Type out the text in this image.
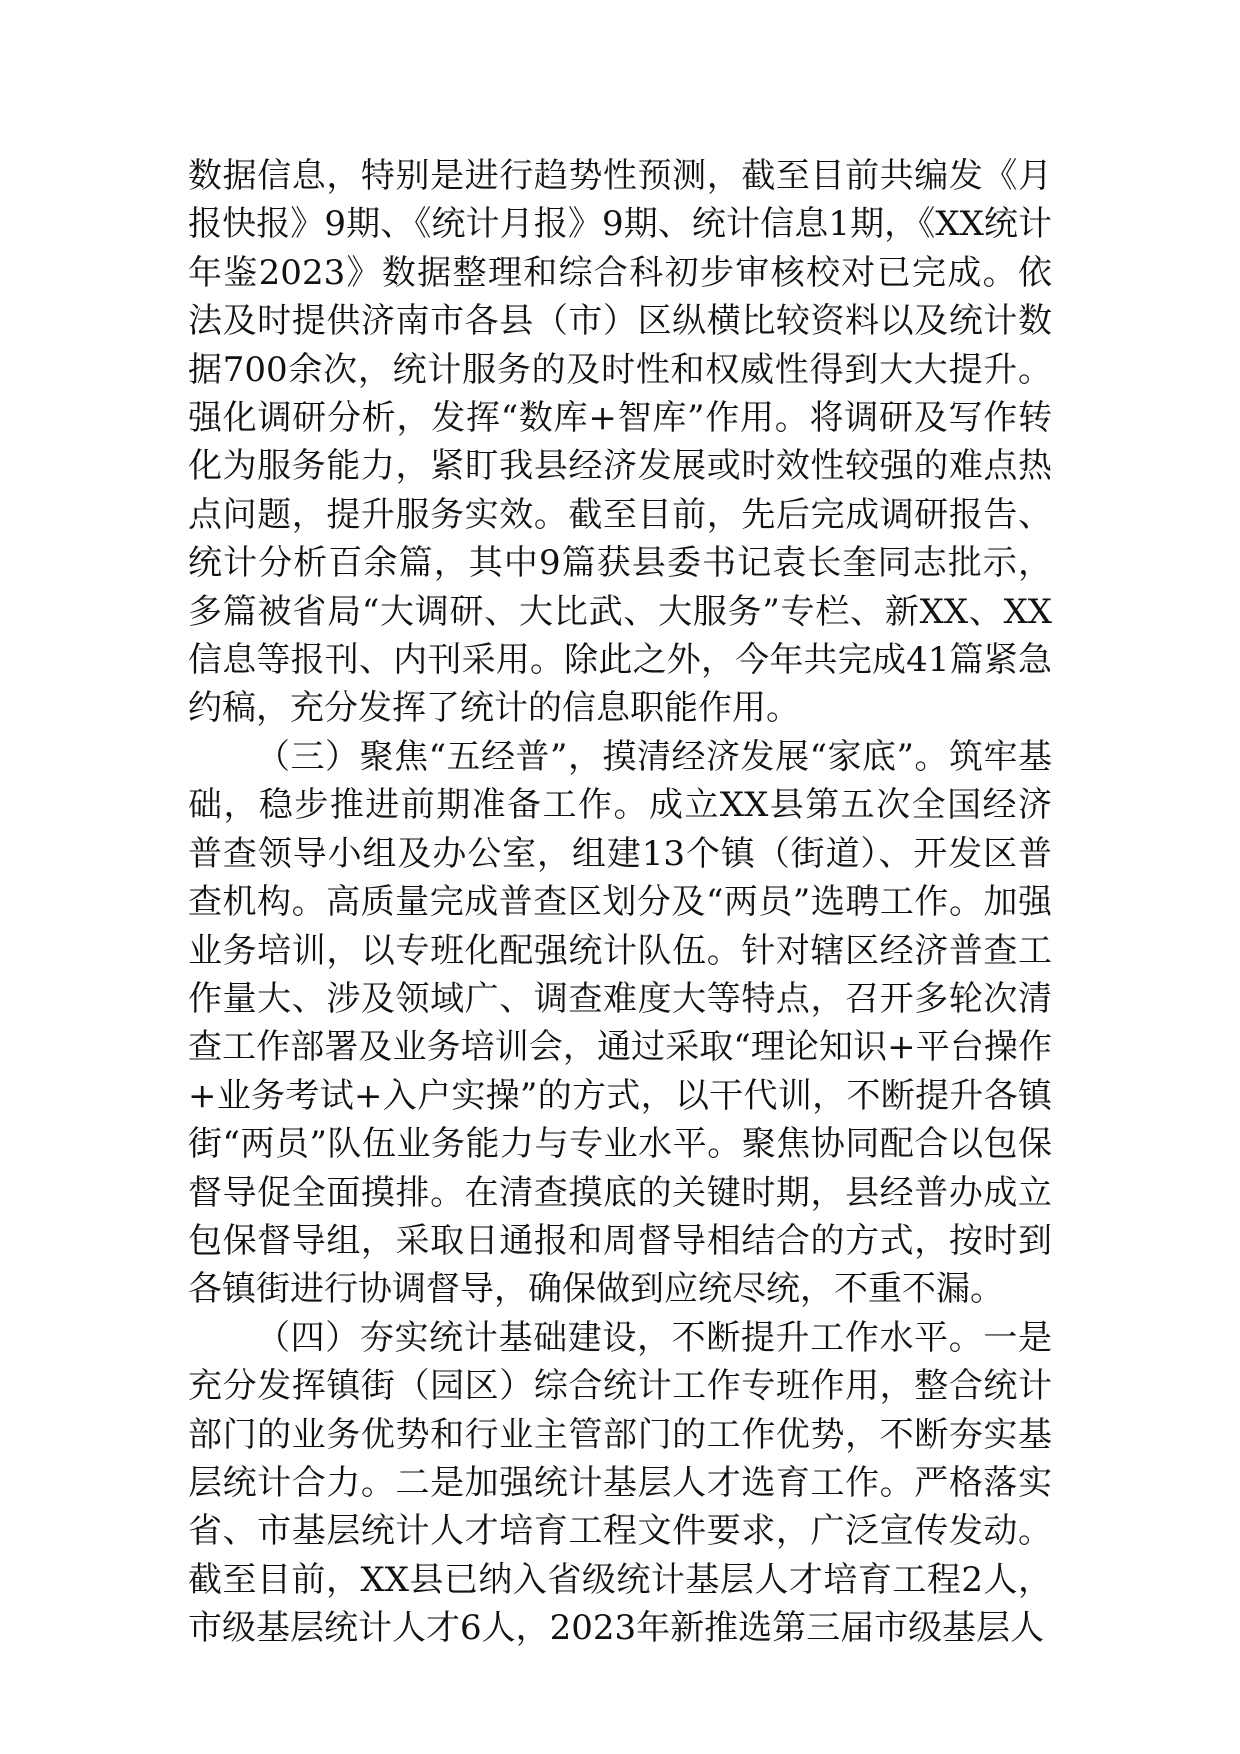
数据信息，特别是进行趋势性预测，截至目前共编发《月报快报》9期、《统计月报》9期、统计信息1期，《XX统计年鉴2023》数据整理和综合科初步审核校对已完成。依法及时提供济南市各县（市）区纵横比较资料以及统计数据700余次，统计服务的及时性和权威性得到大大提升。强化调研分析，发挥“数库+智库”作用。将调研及写作转化为服务能力，紧盯我县经济发展或时效性较强的难点热点问题，提升服务实效。截至目前，先后完成调研报告、统计分析百余篇，其中9篇获县委书记袁长奎同志批示，多篇被省局“大调研、大比武、大服务”专栏、新XX、XX信息等报刊、内刊采用。除此之外，今年共完成41篇紧急约稿，充分发挥了统计的信息职能作用。

（三）聚焦“五经普”，摸清经济发展“家底”。筑牢基础，稳步推进前期准备工作。成立XX县第五次全国经济普查领导小组及办公室，组建13个镇（街道）、开发区普查机构。高质量完成普查区划分及“两员”选聘工作。加强业务培训，以专班化配强统计队伍。针对辖区经济普查工作量大、涉及领域广、调查难度大等特点，召开多轮次清查工作部署及业务培训会，通过采取“理论知识+平台操作+业务考试+入户实操”的方式，以干代训，不断提升各镇街“两员”队伍业务能力与专业水平。聚焦协同配合以包保督导促全面摸排。在清查摸底的关键时期，县经普办成立包保督导组，采取日通报和周督导相结合的方式，按时到各镇街进行协调督导，确保做到应统尽统，不重不漏。

（四）夯实统计基础建设，不断提升工作水平。一是充分发挥镇街（园区）综合统计工作专班作用，整合统计部门的业务优势和行业主管部门的工作优势，不断夯实基层统计合力。二是加强统计基层人才选育工作。严格落实省、市基层统计人才培育工程文件要求，广泛宣传发动。截至目前，XX县已纳入省级统计基层人才培育工程2人，市级基层统计人才6人，2023年新推选第三届市级基层人
